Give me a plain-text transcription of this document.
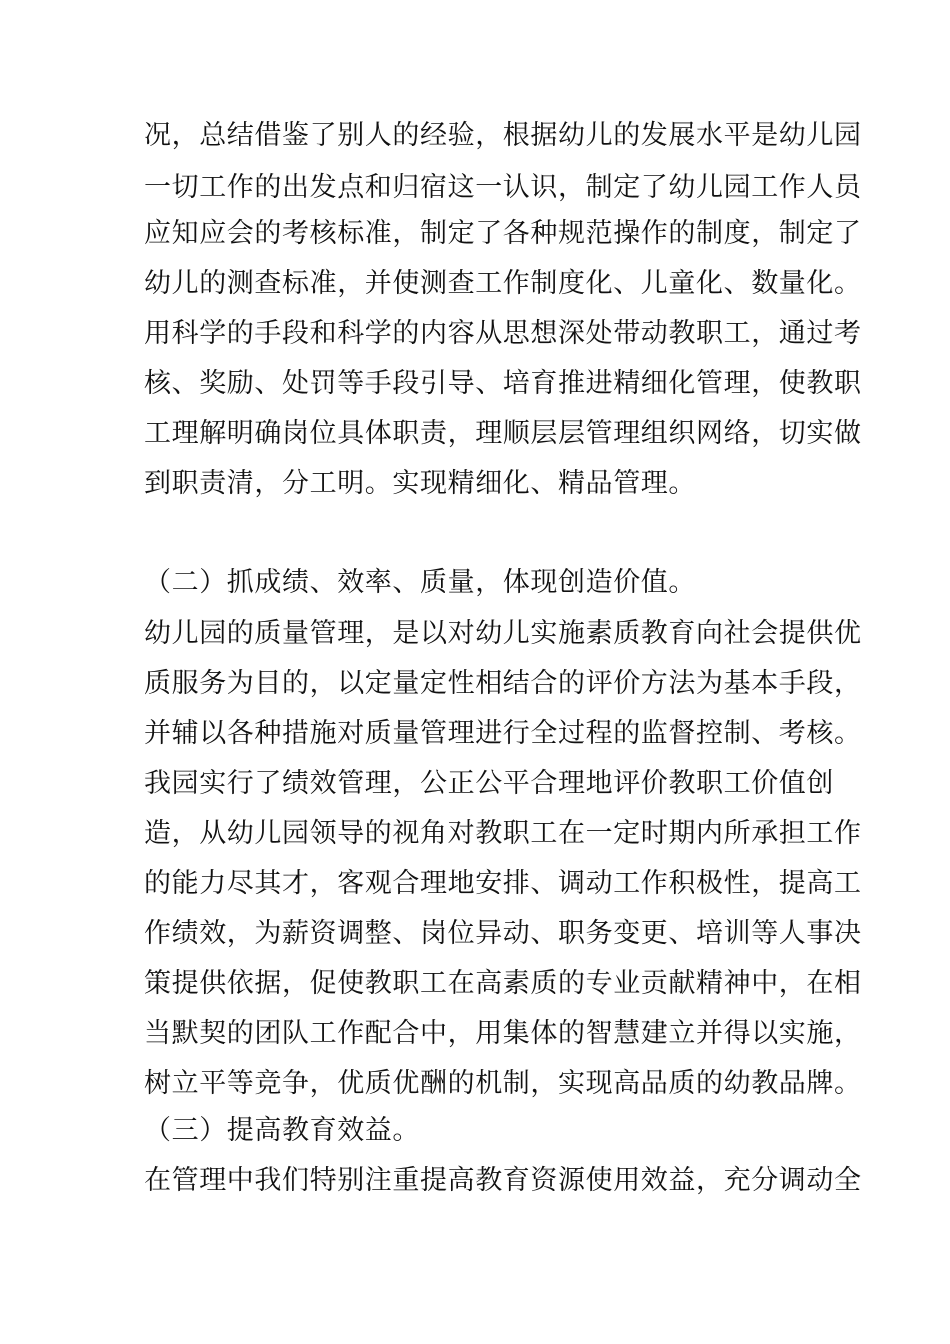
况，总结借鉴了别人的经验，根据幼儿的发展水平是幼儿园
一切工作的出发点和归宿这一认识，制定了幼儿园工作人员
应知应会的考核标准，制定了各种规范操作的制度，制定了
幼儿的测查标准，并使测查工作制度化、儿童化、数量化。
用科学的手段和科学的内容从思想深处带动教职工，通过考
核、奖励、处罚等手段引导、培育推进精细化管理，使教职
工理解明确岗位具体职责，理顺层层管理组织网络，切实做
到职责清，分工明。实现精细化、精品管理。
（二）抓成绩、效率、质量，体现创造价值。
幼儿园的质量管理，是以对幼儿实施素质教育向社会提供优
质服务为目的，以定量定性相结合的评价方法为基本手段，
并辅以各种措施对质量管理进行全过程的监督控制、考核。
我园实行了绩效管理，公正公平合理地评价教职工价值创
造，从幼儿园领导的视角对教职工在一定时期内所承担工作
的能力尽其才，客观合理地安排、调动工作积极性，提高工
作绩效，为薪资调整、岗位异动、职务变更、培训等人事决
策提供依据，促使教职工在高素质的专业贡献精神中，在相
当默契的团队工作配合中，用集体的智慧建立并得以实施，
树立平等竞争，优质优酬的机制，实现高品质的幼教品牌。
（三）提高教育效益。
在管理中我们特别注重提高教育资源使用效益，充分调动全
